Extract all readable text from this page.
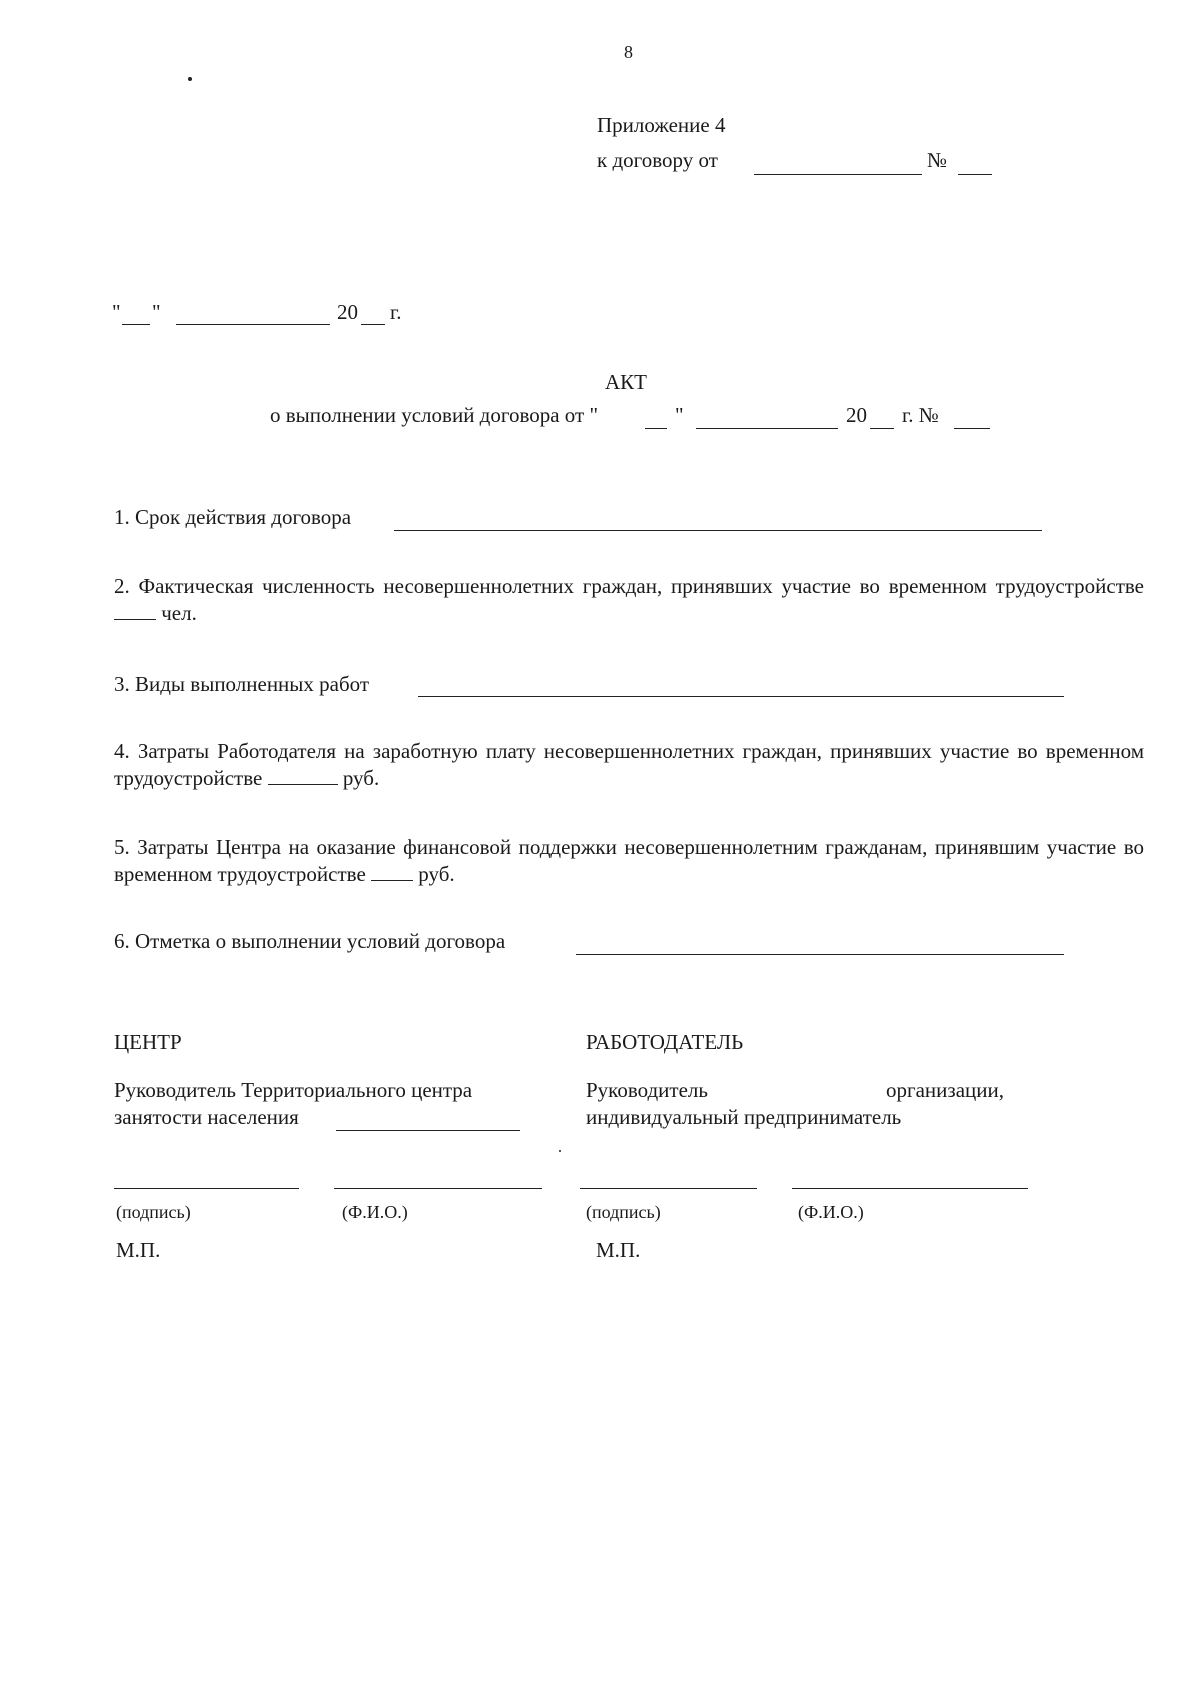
8
Приложение 4
к договору от	№
" "	20 г.
АКТ
о выполнении условий договора от "	"	20 г. №
1. Срок действия договора
2. Фактическая численность несовершеннолетних граждан, принявших участие во временном трудоустройстве  чел.
3. Виды выполненных работ
4. Затраты Работодателя на заработную плату несовершеннолетних граждан, принявших участие во временном трудоустройстве	руб.
5. Затраты Центра на оказание финансовой поддержки несовершеннолетним гражданам, принявшим участие во временном трудоустройстве	руб.
6. Отметка о выполнении условий договора
ЦЕНТР
Руководитель Территориального центра
занятости населения
(подпись)	(Ф.И.О.)
М.П.
РАБОТОДАТЕЛЬ
Руководитель	организации,
индивидуальный предприниматель
(подпись)	(Ф.И.О.)
М.П.
